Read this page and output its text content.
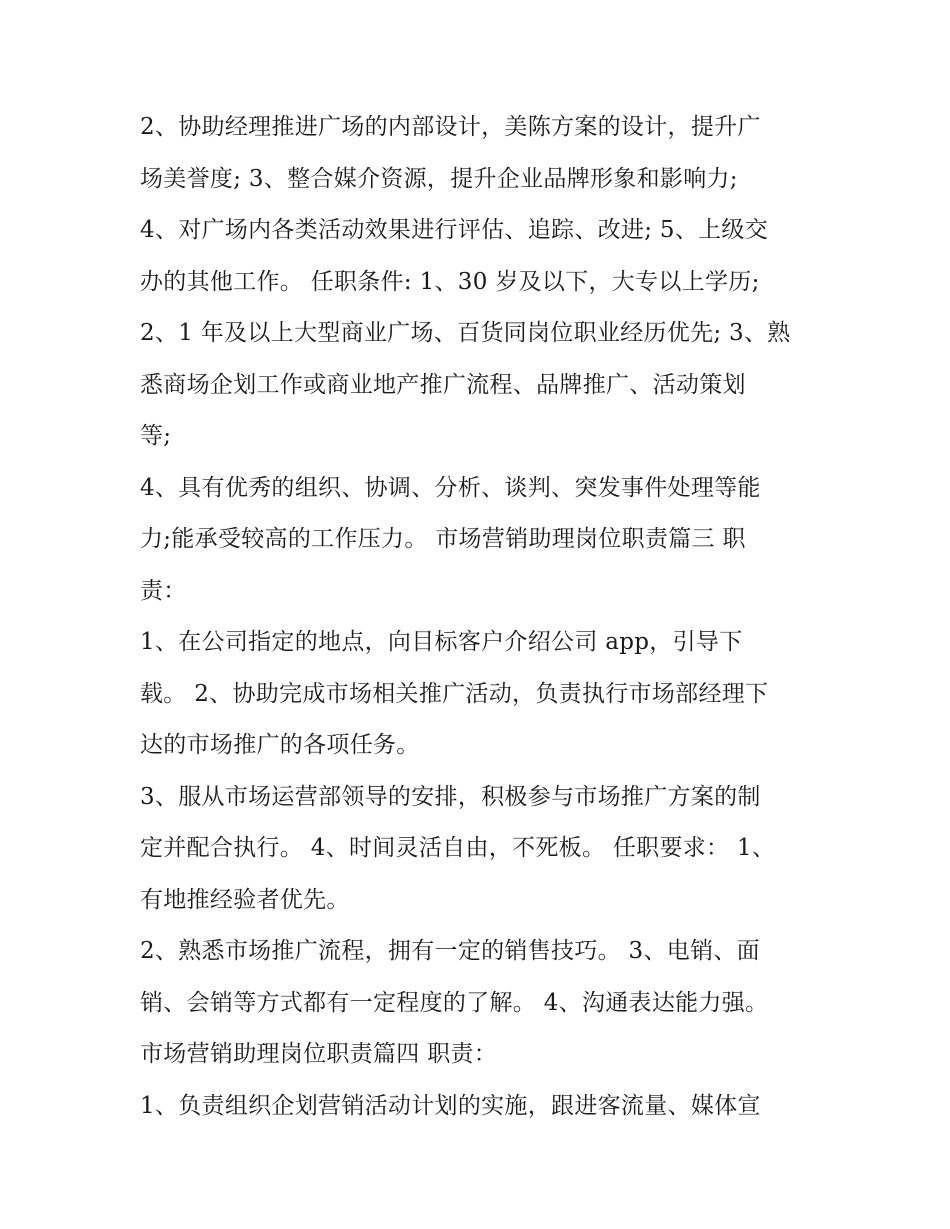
2、协助经理推进广场的内部设计，美陈方案的设计，提升广
场美誉度; 3、整合媒介资源，提升企业品牌形象和影响力;
4、对广场内各类活动效果进行评估、追踪、改进; 5、上级交
办的其他工作。 任职条件: 1、30 岁及以下，大专以上学历;
2、1 年及以上大型商业广场、百货同岗位职业经历优先; 3、熟
悉商场企划工作或商业地产推广流程、品牌推广、活动策划
等;
4、具有优秀的组织、协调、分析、谈判、突发事件处理等能
力;能承受较高的工作压力。 市场营销助理岗位职责篇三 职
责：
1、在公司指定的地点，向目标客户介绍公司 app，引导下
载。 2、协助完成市场相关推广活动，负责执行市场部经理下
达的市场推广的各项任务。
3、服从市场运营部领导的安排，积极参与市场推广方案的制
定并配合执行。 4、时间灵活自由，不死板。 任职要求： 1、
有地推经验者优先。
2、熟悉市场推广流程，拥有一定的销售技巧。 3、电销、面
销、会销等方式都有一定程度的了解。 4、沟通表达能力强。
市场营销助理岗位职责篇四 职责：
1、负责组织企划营销活动计划的实施，跟进客流量、媒体宣
